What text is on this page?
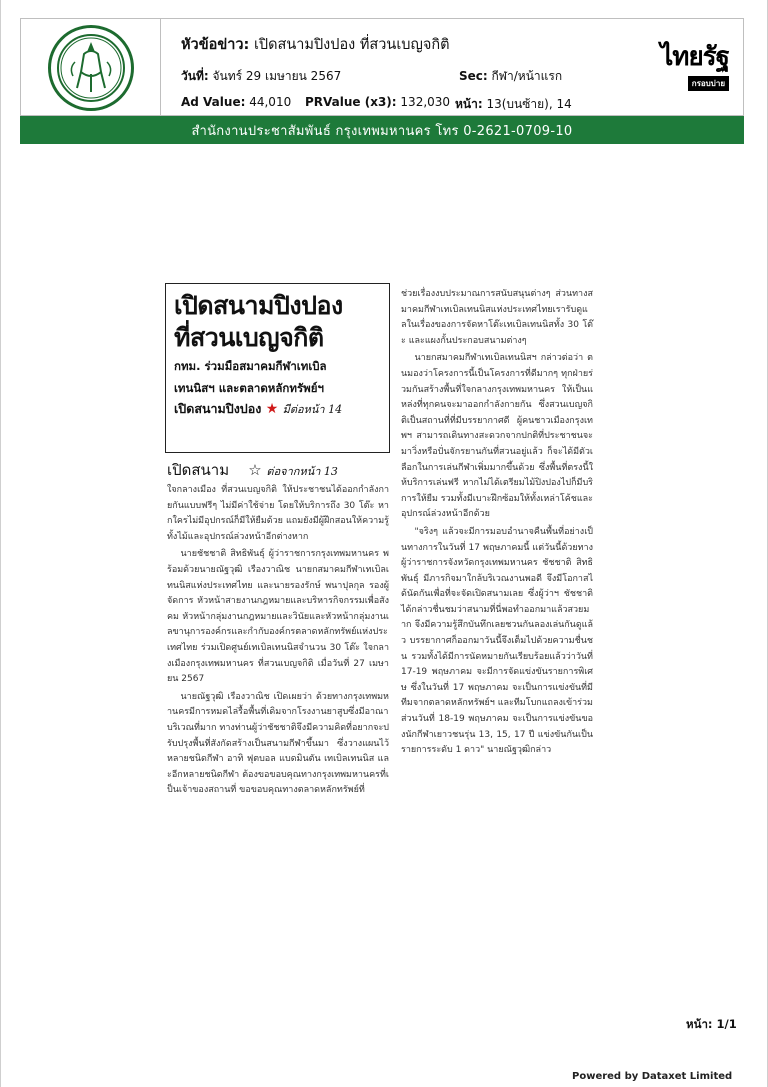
หัวข้อข่าว: เปิดสนามปิงปอง ที่สวนเบญจกิติ
วันที่: จันทร์ 29 เมษายน 2567	Sec: กีฬา/หน้าแรก
Ad Value: 44,010 PRValue (x3): 132,030 หน้า: 13(บนซ้าย), 14
ไทยรัฐ
กรอบบ่าย
สำนักงานประชาสัมพันธ์ กรุงเทพมหานคร โทร 0-2621-0709-10
เปิดสนามปิงปอง
ที่สวนเบญจกิติ
กทม. ร่วมมือสมาคมกีฬาเทเบิล
เทนนิสฯ และตลาดหลักทรัพย์ฯ
เปิดสนามปิงปอง ★ มีต่อหน้า 14
เปิดสนาม ☆ ต่อจากหน้า 13

ใจกลางเมือง ที่สวนเบญจกิติ ให้ประชาชนได้ออกกำลังกายกันแบบฟรีๆ ไม่มีค่าใช้จ่าย โดยให้บริการถึง 30 โต๊ะ หากใครไม่มีอุปกรณ์ก็มีให้ยืมด้วย แถมยังมีผู้ฝึกสอนให้ความรู้ทั้งไม้และอุปกรณ์ล่วงหน้าอีกต่างหาก

นายชัชชาติ สิทธิพันธุ์ ผู้ว่าราชการกรุงเทพมหานคร พร้อมด้วยนายณัฐวุฒิ เรืองวาณิช นายกสมาคมกีฬาเทเบิลเทนนิสแห่งประเทศไทย และนายรองรักษ์ พนาปุลกุล รองผู้จัดการ หัวหน้าสายงานกฎหมายและบริหารกิจกรรมเพื่อสังคม หัวหน้ากลุ่มงานกฎหมายและวินัยและหัวหน้ากลุ่มงานเลขานุการองค์กรและกำกับองค์กรตลาดหลักทรัพย์แห่งประเทศไทย ร่วมเปิดศูนย์เทเบิลเทนนิสจำนวน 30 โต๊ะ ใจกลางเมืองกรุงเทพมหานคร ที่สวนเบญจกิติ เมื่อวันที่ 27 เมษายน 2567

นายณัฐวุฒิ เรืองวาณิช เปิดเผยว่า ด้วยทางกรุงเทพมหานครมีการหมดไล่รื้อพื้นที่เดิมจากโรงงานยาสูบซึ่งมีอาณาบริเวณที่มาก ทางท่านผู้ว่าชัชชาติจึงมีความคิดที่อยากจะปรับปรุงพื้นที่สังกัดสร้างเป็นสนามกีฬาขึ้นมา ซึ่งวางแผนไว้หลายชนิดกีฬา อาทิ ฟุตบอล แบดมินตัน เทเบิลเทนนิส และอีกหลายชนิดกีฬา ต้องขอขอบคุณทางกรุงเทพมหานครที่เป็นเจ้าของสถานที่ ขอขอบคุณทางตลาดหลักทรัพย์ที่

ช่วยเรื่องงบประมาณการสนับสนุนต่างๆ ส่วนทางสมาคมกีฬาเทเบิลเทนนิสแห่งประเทศไทยเรารับดูแลในเรื่องของการจัดหาโต๊ะเทเบิลเทนนิสทั้ง 30 โต๊ะ และแผงกั้นประกอบสนามต่างๆ

นายกสมาคมกีฬาเทเบิลเทนนิสฯ กล่าวต่อว่า ตนมองว่าโครงการนี้เป็นโครงการที่ดีมากๆ ทุกฝ่ายร่วมกันสร้างพื้นที่ใจกลางกรุงเทพมหานคร ให้เป็นแหล่งที่ทุกคนจะมาออกกำลังกายกัน ซึ่งสวนเบญจกิติเป็นสถานที่ที่มีบรรยากาศดี ผู้คนชาวเมืองกรุงเทพฯ สามารถเดินทางสะดวกจากปกติที่ประชาชนจะมาวิ่งหรือปั่นจักรยานกันที่สวนอยู่แล้ว ก็จะได้มีตัวเลือกในการเล่นกีฬาเพิ่มมากขึ้นด้วย ซึ่งพื้นที่ตรงนี้ให้บริการเล่นฟรี หากไม่ได้เตรียมไม้ปิงปองไปก็มีบริการให้ยืม รวมทั้งมีเบาะฝึกซ้อมให้ทั้งเหล่าโค้ชและอุปกรณ์ล่วงหน้าอีกด้วย

"จริงๆ แล้วจะมีการมอบอำนาจคืนพื้นที่อย่างเป็นทางการในวันที่ 17 พฤษภาคมนี้ แต่วันนี้ด้วยทางผู้ว่าราชการจังหวัดกรุงเทพมหานคร ชัชชาติ สิทธิพันธุ์ มีภารกิจมาใกล้บริเวณงานพอดี จึงมีโอกาสได้นัดกันเพื่อที่จะจัดเปิดสนามเลย ซึ่งผู้ว่าฯ ชัชชาติได้กล่าวชื่นชมว่าสนามที่นี่พอทำออกมาแล้วสวยมาก จึงมีความรู้สึกบันทึกเลยชวนกันลองเล่นกันดูแล้ว บรรยากาศก็ออกมาวันนี้จึงเต็มไปด้วยความชื่นชน รวมทั้งได้มีการนัดหมายกันเรียบร้อยแล้วว่าวันที่ 17-19 พฤษภาคม จะมีการจัดแข่งขันรายการพิเศษ ซึ่งในวันที่ 17 พฤษภาคม จะเป็นการแข่งขันที่มีทีมจากตลาดหลักทรัพย์ฯ และทีมโบกแถลงเข้าร่วม ส่วนวันที่ 18-19 พฤษภาคม จะเป็นการแข่งขันของนักกีฬาเยาวชนรุ่น 13, 15, 17 ปี แข่งขันกันเป็นรายการระดับ 1 ดาว" นายณัฐวุฒิกล่าว

หน้า: 1/1
Powered by Dataxet Limited
